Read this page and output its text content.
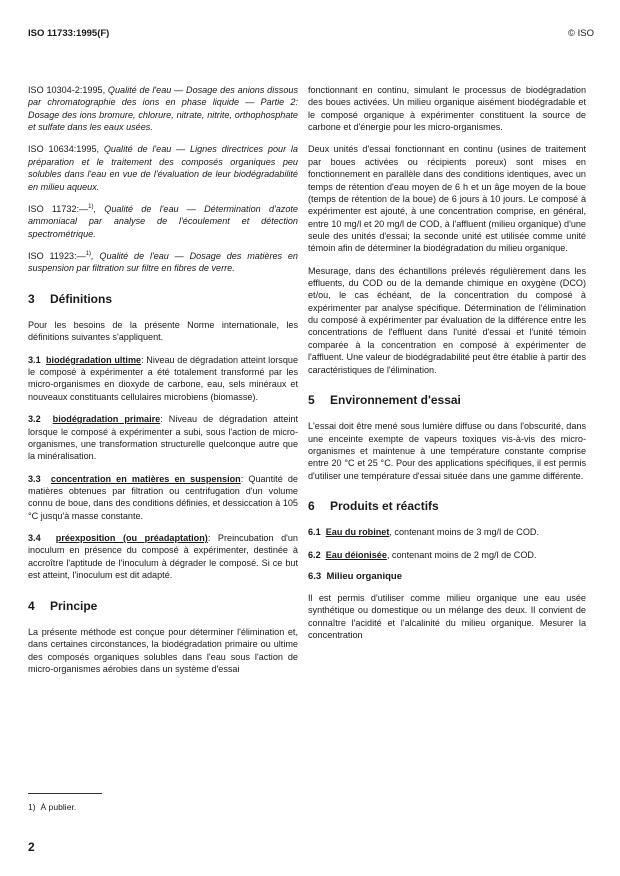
ISO 11733:1995(F)	© ISO

ISO 10304-2:1995, Qualité de l'eau — Dosage des anions dissous par chromatographie des ions en phase liquide — Partie 2: Dosage des ions bromure, chlorure, nitrate, nitrite, orthophosphate et sulfate dans les eaux usées.

ISO 10634:1995, Qualité de l'eau — Lignes directrices pour la préparation et le traitement des composés organiques peu solubles dans l'eau en vue de l'évaluation de leur biodégradabilité en milieu aqueux.

ISO 11732:—$^{1)}$, Qualité de l'eau — Détermination d'azote ammoniacal par analyse de l'écoulement et détection spectrométrique.

ISO 11923:—$^{1)}$, Qualité de l'eau — Dosage des matières en suspension par filtration sur filtre en fibres de verre.

3 Définitions

Pour les besoins de la présente Norme internationale, les définitions suivantes s'appliquent.

3.1 biodégradation ultime: Niveau de dégradation atteint lorsque le composé à expérimenter a été totalement transformé par les micro-organismes en dioxyde de carbone, eau, sels minéraux et nouveaux constituants cellulaires microbiens (biomasse).

3.2 biodégradation primaire: Niveau de dégradation atteint lorsque le composé à expérimenter a subi, sous l'action de micro-organismes, une transformation structurelle quelconque autre que la minéralisation.

3.3 concentration en matières en suspension: Quantité de matières obtenues par filtration ou centrifugation d'un volume connu de boue, dans des conditions définies, et dessiccation à 105 °C jusqu'à masse constante.

3.4 préexposition (ou préadaptation): Preincubation d'un inoculum en présence du composé à expérimenter, destinée à accroître l'aptitude de l'inoculum à dégrader le composé. Si ce but est atteint, l'inoculum est dit adapté.

4 Principe

La présente méthode est conçue pour déterminer l'élimination et, dans certaines circonstances, la biodégradation primaire ou ultime des composés organiques solubles dans l'eau sous l'action de micro-organismes aérobies dans un système d'essai

fonctionnant en continu, simulant le processus de biodégradation des boues activées. Un milieu organique aisément biodégradable et le composé organique à expérimenter constituent la source de carbone et d'énergie pour les micro-organismes.

Deux unités d'essai fonctionnant en continu (usines de traitement par boues activées ou récipients poreux) sont mises en fonctionnement en parallèle dans des conditions identiques, avec un temps de rétention d'eau moyen de 6 h et un âge moyen de la boue (temps de rétention de la boue) de 6 jours à 10 jours. Le composé à expérimenter est ajouté, à une concentration comprise, en général, entre 10 mg/l et 20 mg/l de COD, à l'affluent (milieu organique) d'une seule des unités d'essai; la seconde unité est utilisée comme unité témoin afin de déterminer la biodégradation du milieu organique.

Mesurage, dans des échantillons prélevés régulièrement dans les effluents, du COD ou de la demande chimique en oxygène (DCO) et/ou, le cas échéant, de la concentration du composé à expérimenter par analyse spécifique. Détermination de l'élimination du composé à expérimenter par évaluation de la différence entre les concentrations de l'effluent dans l'unité d'essai et l'unité témoin comparée à la concentration en composé à expérimenter de l'affluent. Une valeur de biodégradabilité peut être établie à partir des caractéristiques de l'élimination.

5 Environnement d'essai

L'essai doit être mené sous lumière diffuse ou dans l'obscurité, dans une enceinte exempte de vapeurs toxiques vis-à-vis des micro-organismes et maintenue à une température constante comprise entre 20 °C et 25 °C. Pour des applications spécifiques, il est permis d'utiliser une température d'essai située dans une gamme différente.

6 Produits et réactifs

6.1 Eau du robinet, contenant moins de 3 mg/l de COD.

6.2 Eau déionisée, contenant moins de 2 mg/l de COD.

6.3 Milieu organique

Il est permis d'utiliser comme milieu organique une eau usée synthétique ou domestique ou un mélange des deux. Il convient de connaître l'acidité et l'alcalinité du milieu organique. Mesurer la concentration

1) À publier.
2
